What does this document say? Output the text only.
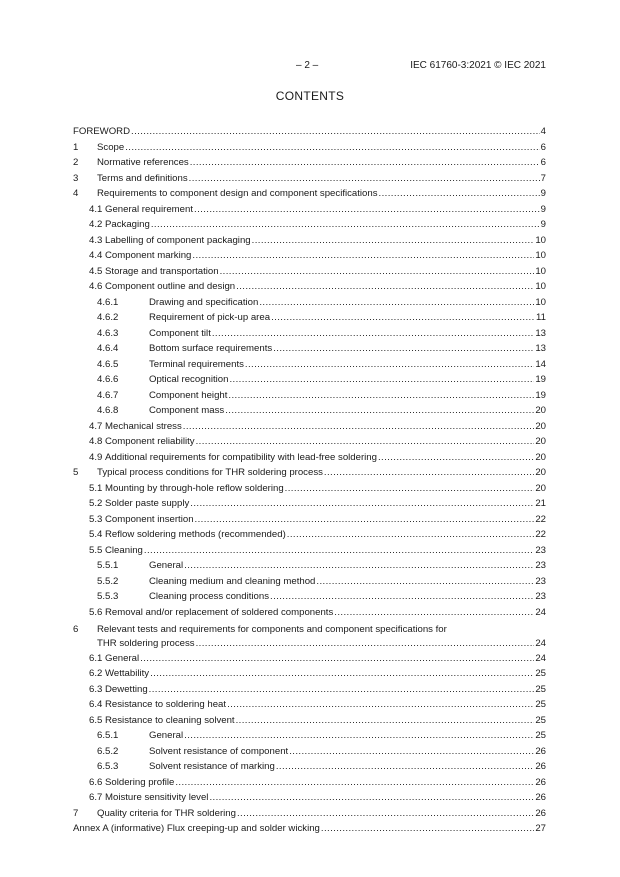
– 2 –	IEC 61760-3:2021 © IEC 2021
CONTENTS
FOREWORD .....	4
1	Scope .....	6
2	Normative references .....	6
3	Terms and definitions .....	7
4	Requirements to component design and component specifications .....	9
4.1 General requirement .....	9
4.2 Packaging .....	9
4.3 Labelling of component packaging .....	10
4.4 Component marking .....	10
4.5 Storage and transportation .....	10
4.6 Component outline and design .....	10
4.6.1	Drawing and specification .....	10
4.6.2	Requirement of pick-up area .....	11
4.6.3	Component tilt .....	13
4.6.4	Bottom surface requirements .....	13
4.6.5	Terminal requirements .....	14
4.6.6	Optical recognition .....	19
4.6.7	Component height .....	19
4.6.8	Component mass .....	20
4.7 Mechanical stress .....	20
4.8 Component reliability .....	20
4.9 Additional requirements for compatibility with lead-free soldering .....	20
5	Typical process conditions for THR soldering process .....	20
5.1 Mounting by through-hole reflow soldering .....	20
5.2 Solder paste supply .....	21
5.3 Component insertion .....	22
5.4 Reflow soldering methods (recommended) .....	22
5.5 Cleaning .....	23
5.5.1	General .....	23
5.5.2	Cleaning medium and cleaning method .....	23
5.5.3	Cleaning process conditions .....	23
5.6 Removal and/or replacement of soldered components .....	24
6	Relevant tests and requirements for components and component specifications for
THR soldering process .....	24
6.1 General .....	24
6.2 Wettability .....	25
6.3 Dewetting .....	25
6.4 Resistance to soldering heat .....	25
6.5 Resistance to cleaning solvent .....	25
6.5.1	General .....	25
6.5.2	Solvent resistance of component .....	26
6.5.3	Solvent resistance of marking .....	26
6.6 Soldering profile .....	26
6.7 Moisture sensitivity level .....	26
7	Quality criteria for THR soldering .....	26
Annex A (informative) Flux creeping-up and solder wicking .....	27
